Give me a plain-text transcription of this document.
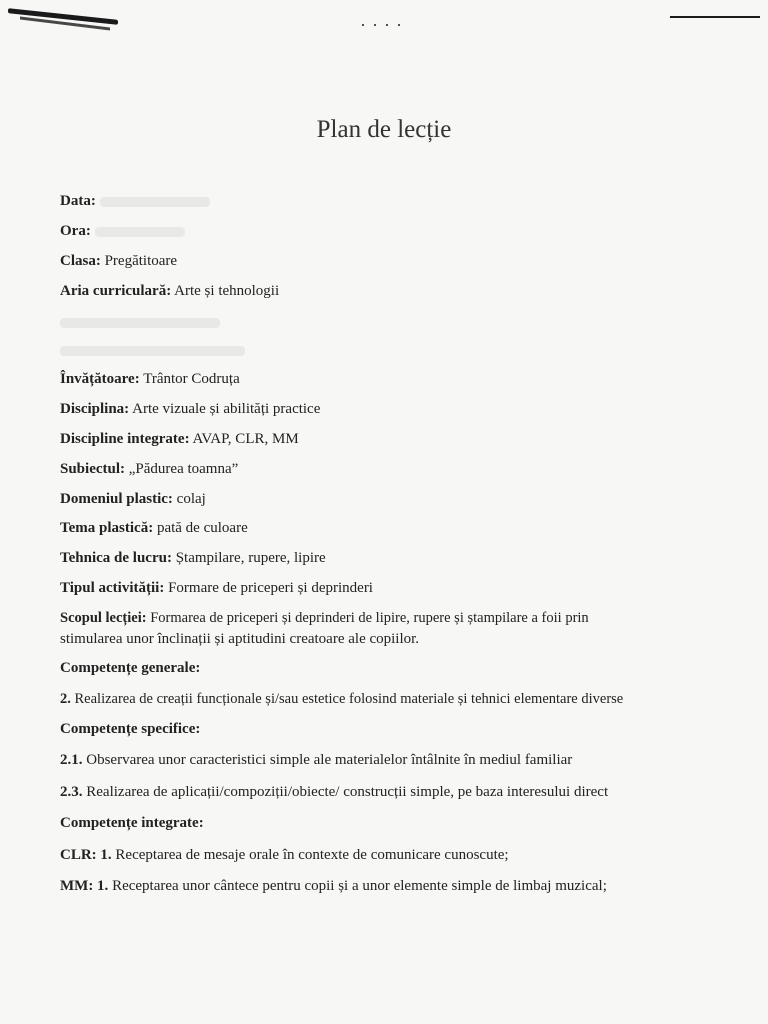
····
Plan de lecție
Data:
Ora:
Clasa: Pregătitoare
Aria curriculară: Arte și tehnologii
Învățătoare: Trântor Codruța
Disciplina: Arte vizuale și abilități practice
Discipline integrate: AVAP, CLR, MM
Subiectul: „Pădurea toamna”
Domeniul plastic: colaj
Tema plastică: pată de culoare
Tehnica de lucru: Ștampilare, rupere, lipire
Tipul activității: Formare de priceperi și deprinderi
Scopul lecției: Formarea de priceperi și deprinderi de lipire, rupere și ștampilare a foii prin
stimularea unor înclinații și aptitudini creatoare ale copiilor.
Competențe generale:
2. Realizarea de creații funcționale și/sau estetice folosind materiale și tehnici elementare diverse
Competențe specifice:
2.1. Observarea unor caracteristici simple ale materialelor întâlnite în mediul familiar
2.3. Realizarea de aplicații/compoziții/obiecte/ construcții simple, pe baza interesului direct
Competențe integrate:
CLR: 1. Receptarea de mesaje orale în contexte de comunicare cunoscute;
MM: 1. Receptarea unor cântece pentru copii și a unor elemente simple de limbaj muzical;
